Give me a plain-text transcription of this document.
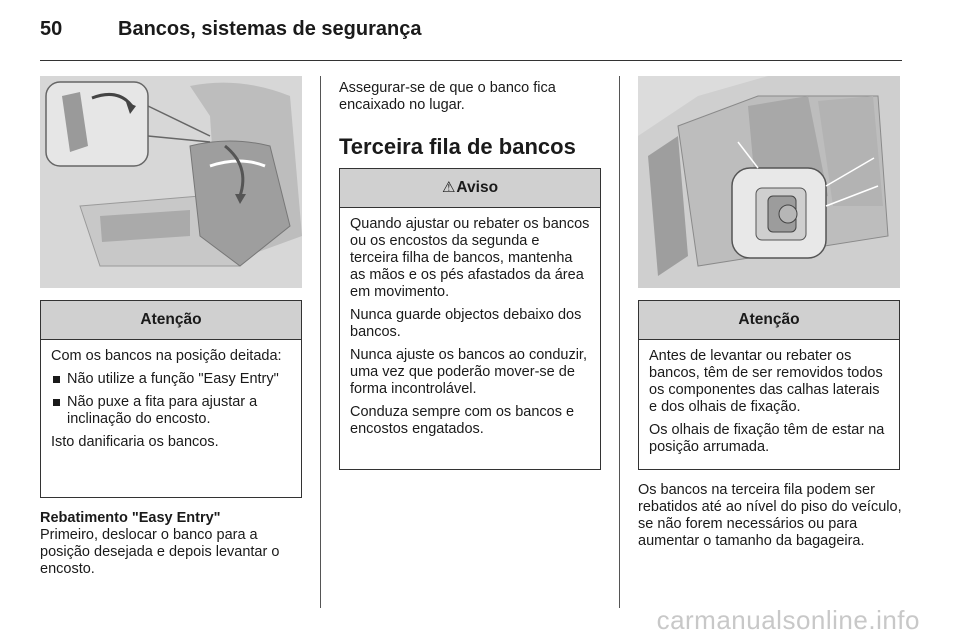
50	Bancos, sistemas de segurança
Atenção

Com os bancos na posição deitada:

Não utilize a função "Easy Entry"
Não puxe a fita para ajustar a inclinação do encosto.

Isto danificaria os bancos.

Rebatimento "Easy Entry"
Primeiro, deslocar o banco para a posição desejada e depois levantar o encosto.
Assegurar-se de que o banco fica encaixado no lugar.
Terceira fila de bancos
⚠Aviso

Quando ajustar ou rebater os bancos ou os encostos da segunda e terceira filha de bancos, mantenha as mãos e os pés afastados da área em movimento.

Nunca guarde objectos debaixo dos bancos.

Nunca ajuste os bancos ao conduzir, uma vez que poderão mover-se de forma incontrolável.

Conduza sempre com os bancos e encostos engatados.

Atenção

Antes de levantar ou rebater os bancos, têm de ser removidos todos os componentes das calhas laterais e dos olhais de fixação.

Os olhais de fixação têm de estar na posição arrumada.

Os bancos na terceira fila podem ser rebatidos até ao nível do piso do veículo, se não forem necessários ou para aumentar o tamanho da bagageira.
carmanualsonline.info
